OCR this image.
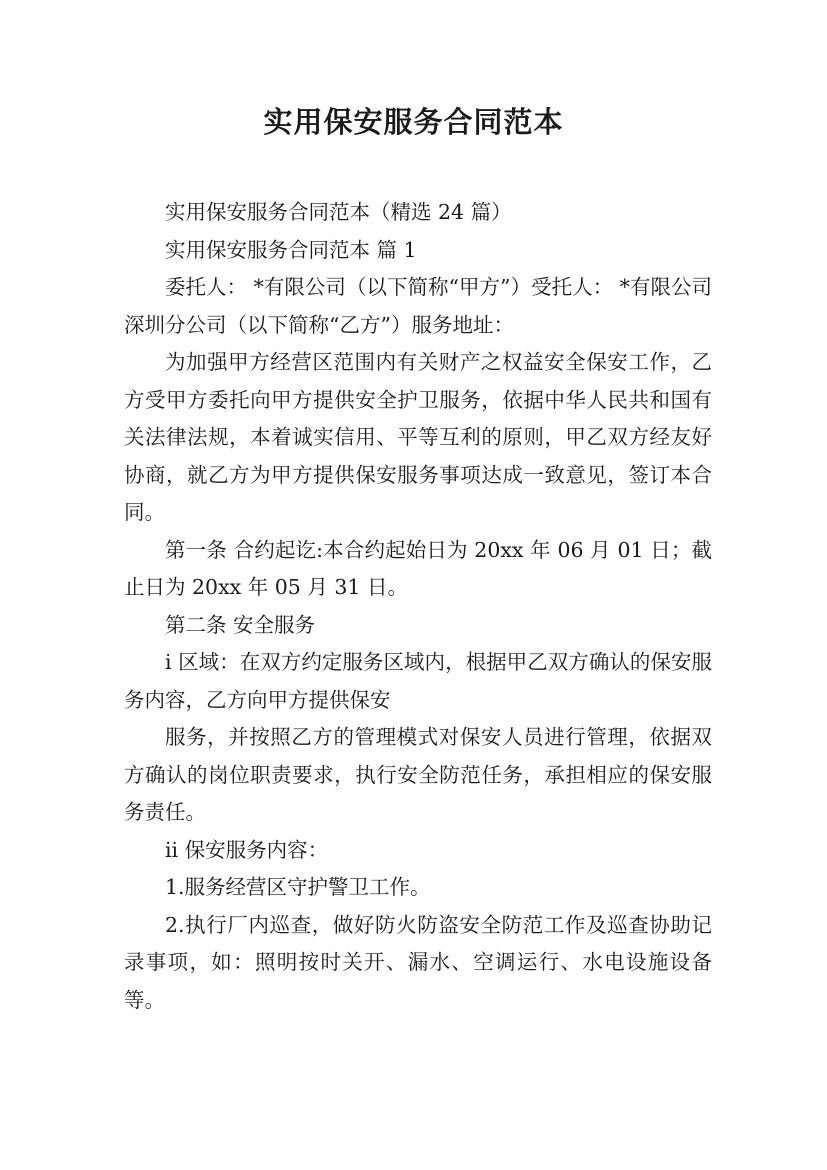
实用保安服务合同范本

实用保安服务合同范本（精选 24 篇）

实用保安服务合同范本 篇 1

委托人： *有限公司（以下简称“甲方”）受托人： *有限公司深圳分公司（以下简称“乙方”）服务地址：

为加强甲方经营区范围内有关财产之权益安全保安工作，乙方受甲方委托向甲方提供安全护卫服务，依据中华人民共和国有关法律法规，本着诚实信用、平等互利的原则，甲乙双方经友好协商，就乙方为甲方提供保安服务事项达成一致意见，签订本合同。

第一条 合约起讫:本合约起始日为 20xx 年 06 月 01 日；截止日为 20xx 年 05 月 31 日。

第二条 安全服务

i 区域：在双方约定服务区域内，根据甲乙双方确认的保安服务内容，乙方向甲方提供保安

服务，并按照乙方的管理模式对保安人员进行管理，依据双方确认的岗位职责要求，执行安全防范任务，承担相应的保安服务责任。

ii 保安服务内容：

1.服务经营区守护警卫工作。

2.执行厂内巡查，做好防火防盗安全防范工作及巡查协助记录事项，如：照明按时关开、漏水、空调运行、水电设施设备等。
